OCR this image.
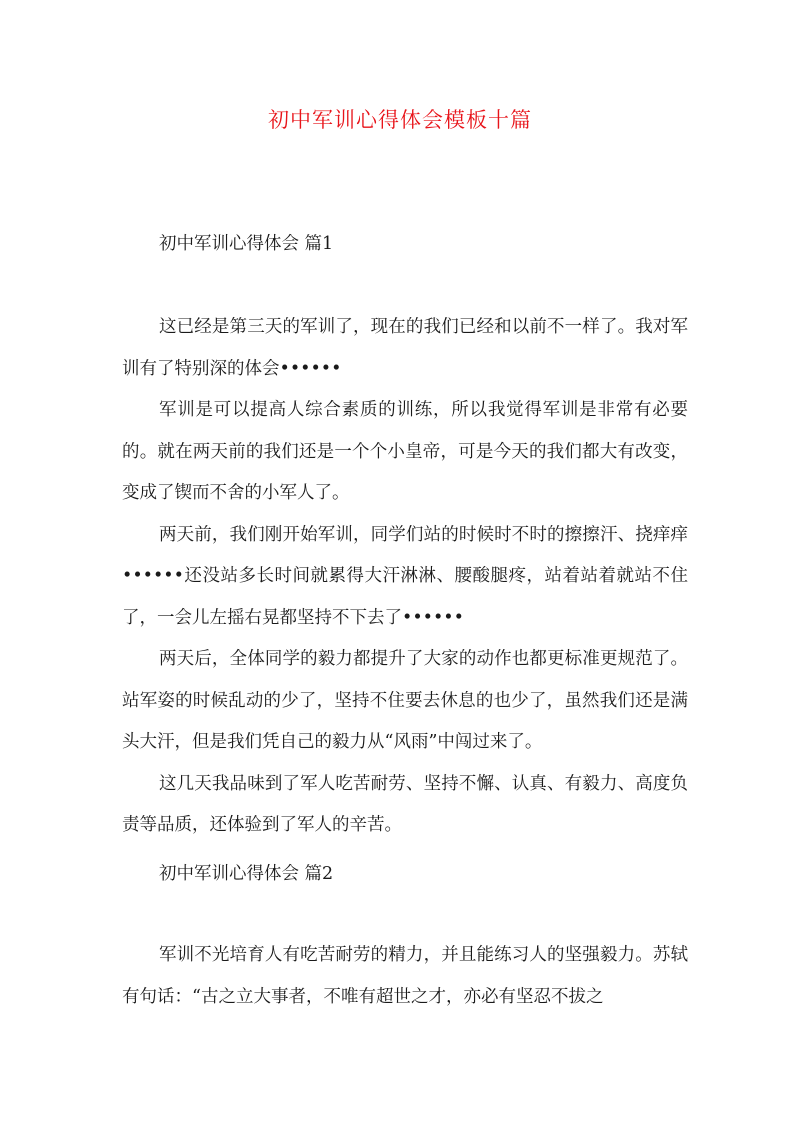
初中军训心得体会模板十篇
初中军训心得体会 篇1

这已经是第三天的军训了，现在的我们已经和以前不一样了。我对军训有了特别深的体会••••••

军训是可以提高人综合素质的训练，所以我觉得军训是非常有必要的。就在两天前的我们还是一个个小皇帝，可是今天的我们都大有改变，变成了锲而不舍的小军人了。

两天前，我们刚开始军训，同学们站的时候时不时的擦擦汗、挠痒痒••••••还没站多长时间就累得大汗淋淋、腰酸腿疼，站着站着就站不住了，一会儿左摇右晃都坚持不下去了••••••

两天后，全体同学的毅力都提升了大家的动作也都更标准更规范了。站军姿的时候乱动的少了，坚持不住要去休息的也少了，虽然我们还是满头大汗，但是我们凭自己的毅力从“风雨”中闯过来了。

这几天我品味到了军人吃苦耐劳、坚持不懈、认真、有毅力、高度负责等品质，还体验到了军人的辛苦。

初中军训心得体会 篇2

军训不光培育人有吃苦耐劳的精力，并且能练习人的坚强毅力。苏轼有句话：“古之立大事者，不唯有超世之才，亦必有坚忍不拔之
